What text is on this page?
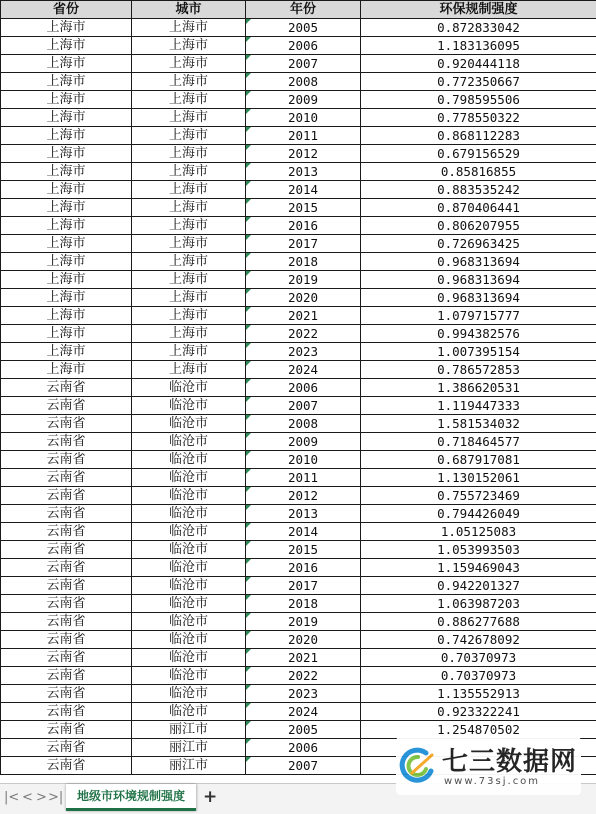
省份	城市	年份	环保规制强度
上海市	上海市	2005	0.872833042
上海市	上海市	2006	1.183136095
上海市	上海市	2007	0.920444118
上海市	上海市	2008	0.772350667
上海市	上海市	2009	0.798595506
上海市	上海市	2010	0.778550322
上海市	上海市	2011	0.868112283
上海市	上海市	2012	0.679156529
上海市	上海市	2013	0.85816855
上海市	上海市	2014	0.883535242
上海市	上海市	2015	0.870406441
上海市	上海市	2016	0.806207955
上海市	上海市	2017	0.726963425
上海市	上海市	2018	0.968313694
上海市	上海市	2019	0.968313694
上海市	上海市	2020	0.968313694
上海市	上海市	2021	1.079715777
上海市	上海市	2022	0.994382576
上海市	上海市	2023	1.007395154
上海市	上海市	2024	0.786572853
云南省	临沧市	2006	1.386620531
云南省	临沧市	2007	1.119447333
云南省	临沧市	2008	1.581534032
云南省	临沧市	2009	0.718464577
云南省	临沧市	2010	0.687917081
云南省	临沧市	2011	1.130152061
云南省	临沧市	2012	0.755723469
云南省	临沧市	2013	0.794426049
云南省	临沧市	2014	1.05125083
云南省	临沧市	2015	1.053993503
云南省	临沧市	2016	1.159469043
云南省	临沧市	2017	0.942201327
云南省	临沧市	2018	1.063987203
云南省	临沧市	2019	0.886277688
云南省	临沧市	2020	0.742678092
云南省	临沧市	2021	0.70370973
云南省	临沧市	2022	0.70370973
云南省	临沧市	2023	1.135552913
云南省	临沧市	2024	0.923322241
云南省	丽江市	2005	1.254870502
云南省	丽江市	2006	
云南省	丽江市	2007	
|< < > >|	地级市环境规制强度	+
七三数据网
www.73sj.com
